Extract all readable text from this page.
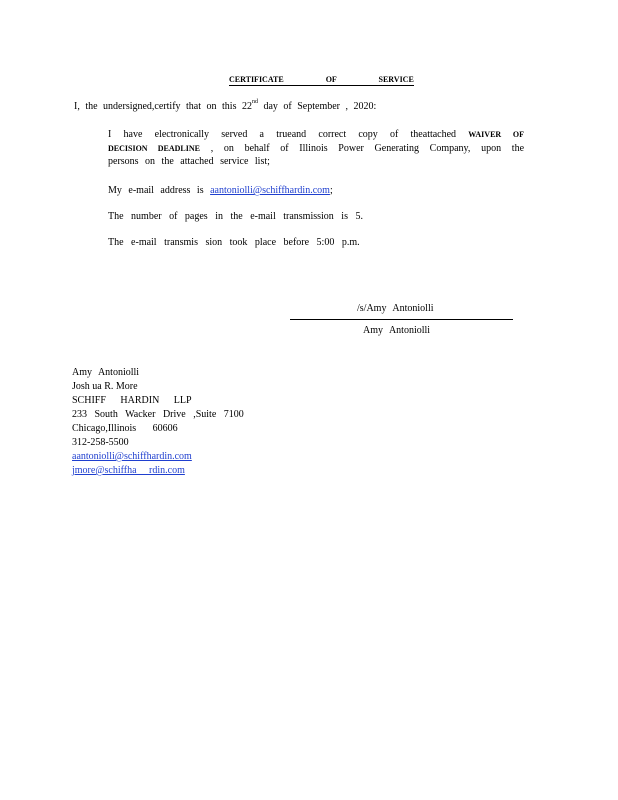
CERTIFICATE OF SERVICE
I, the undersigned,certify that on this 22nd day of September , 2020:
I have electronically served a trueand correct copy of theattached WAIVER OF
DECISION DEADLINE , on behalf of Illinois Power Generating Company, upon the
persons on the attached service list;
My e-mail address is aantoniolli@schiffhardin.com;
The number of pages in the e-mail transmission is 5.
The e-mail transmis sion took place before 5:00 p.m.
/s/Amy Antoniolli
Amy Antoniolli
Amy Antoniolli
Josh ua R. More
SCHIFF HARDIN LLP
233 South Wacker Drive ,Suite 7100
Chicago,Illinois 60606
312-258-5500
aantoniolli@schiffhardin.com
jmore@schiffha rdin.com
